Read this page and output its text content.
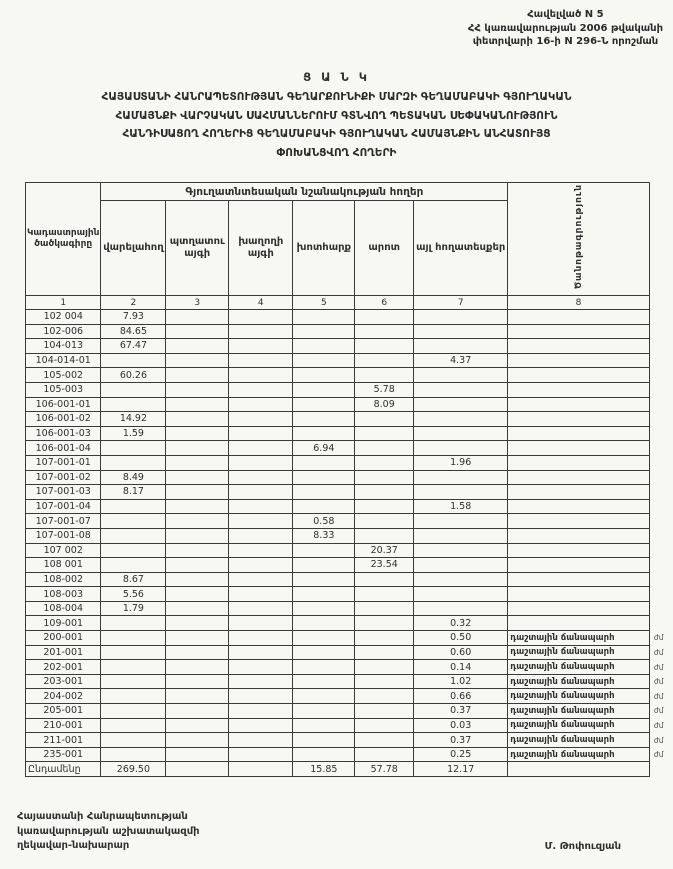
Հավելված N 5
ՀՀ կառավարության 2006 թվականի
փետրվարի 16-ի N 296-Ն որոշման
Ց Ա Ն Կ
ՀԱՅԱՍՏԱՆԻ ՀԱՆՐԱՊԵՏՈՒԹՅԱՆ ԳԵՂԱՐՔՈՒՆԻՔԻ ՄԱՐԶԻ ԳԵՂԱՄԱԲԱԿԻ ԳՅՈՒՂԱԿԱՆ
ՀԱՄԱՅՆՔԻ ՎԱՐՉԱԿԱՆ ՍԱՀՄԱՆՆԵՐՈՒՄ ԳՏՆՎՈՂ ՊԵՏԱԿԱՆ ՍԵՓԱԿԱՆՈՒԹՅՈՒՆ
ՀԱՆԴԻՍԱՑՈՂ ՀՈՂԵՐԻՑ ԳԵՂԱՄԱԲԱԿԻ ԳՅՈՒՂԱԿԱՆ ՀԱՄԱՅՆՔԻՆ ԱՆՀԱՏՈՒՅՑ
ՓՈԽԱՆՑՎՈՂ ՀՈՂԵՐԻ
Կադաստրային ծածկագիրը	Գյուղատնտեսական նշանակության հողեր						Ծանոթագրություն	
	վարելահող	պտղատու այգի	խաղողի այգի	խոտհարք	արոտ	այլ հողատեսքեր		
1	2	3	4	5	6	7	8	
102 004	7.93							
102-006	84.65							
104-013	67.47							
104-014-01						4.37		
105-002	60.26							
105-003					5.78			
106-001-01					8.09			
106-001-02	14.92							
106-001-03	1.59							
106-001-04				6.94				
107-001-01						1.96		
107-001-02	8.49							
107-001-03	8.17							
107-001-04						1.58		
107-001-07				0.58				
107-001-08				8.33				
107 002					20.37			
108 001					23.54			
108-002	8.67							
108-003	5.56							
108-004	1.79							
109-001						0.32		
200-001						0.50	դաշտային ճանապարհ	ժմ
201-001						0.60	դաշտային ճանապարհ	ժմ
202-001						0.14	դաշտային ճանապարհ	ժմ
203-001						1.02	դաշտային ճանապարհ	ժմ
204-002						0.66	դաշտային ճանապարհ	ժմ
205-001						0.37	դաշտային ճանապարհ	ժմ
210-001						0.03	դաշտային ճանապարհ	ժմ
211-001						0.37	դաշտային ճանապարհ	ժմ
235-001						0.25	դաշտային ճանապարհ	ժմ
Ընդամենը	269.50			15.85	57.78	12.17		
Հայաստանի Հանրապետության
կառավարության աշխատակազմի
ղեկավար-նախարար	Մ. Թոփուզյան
